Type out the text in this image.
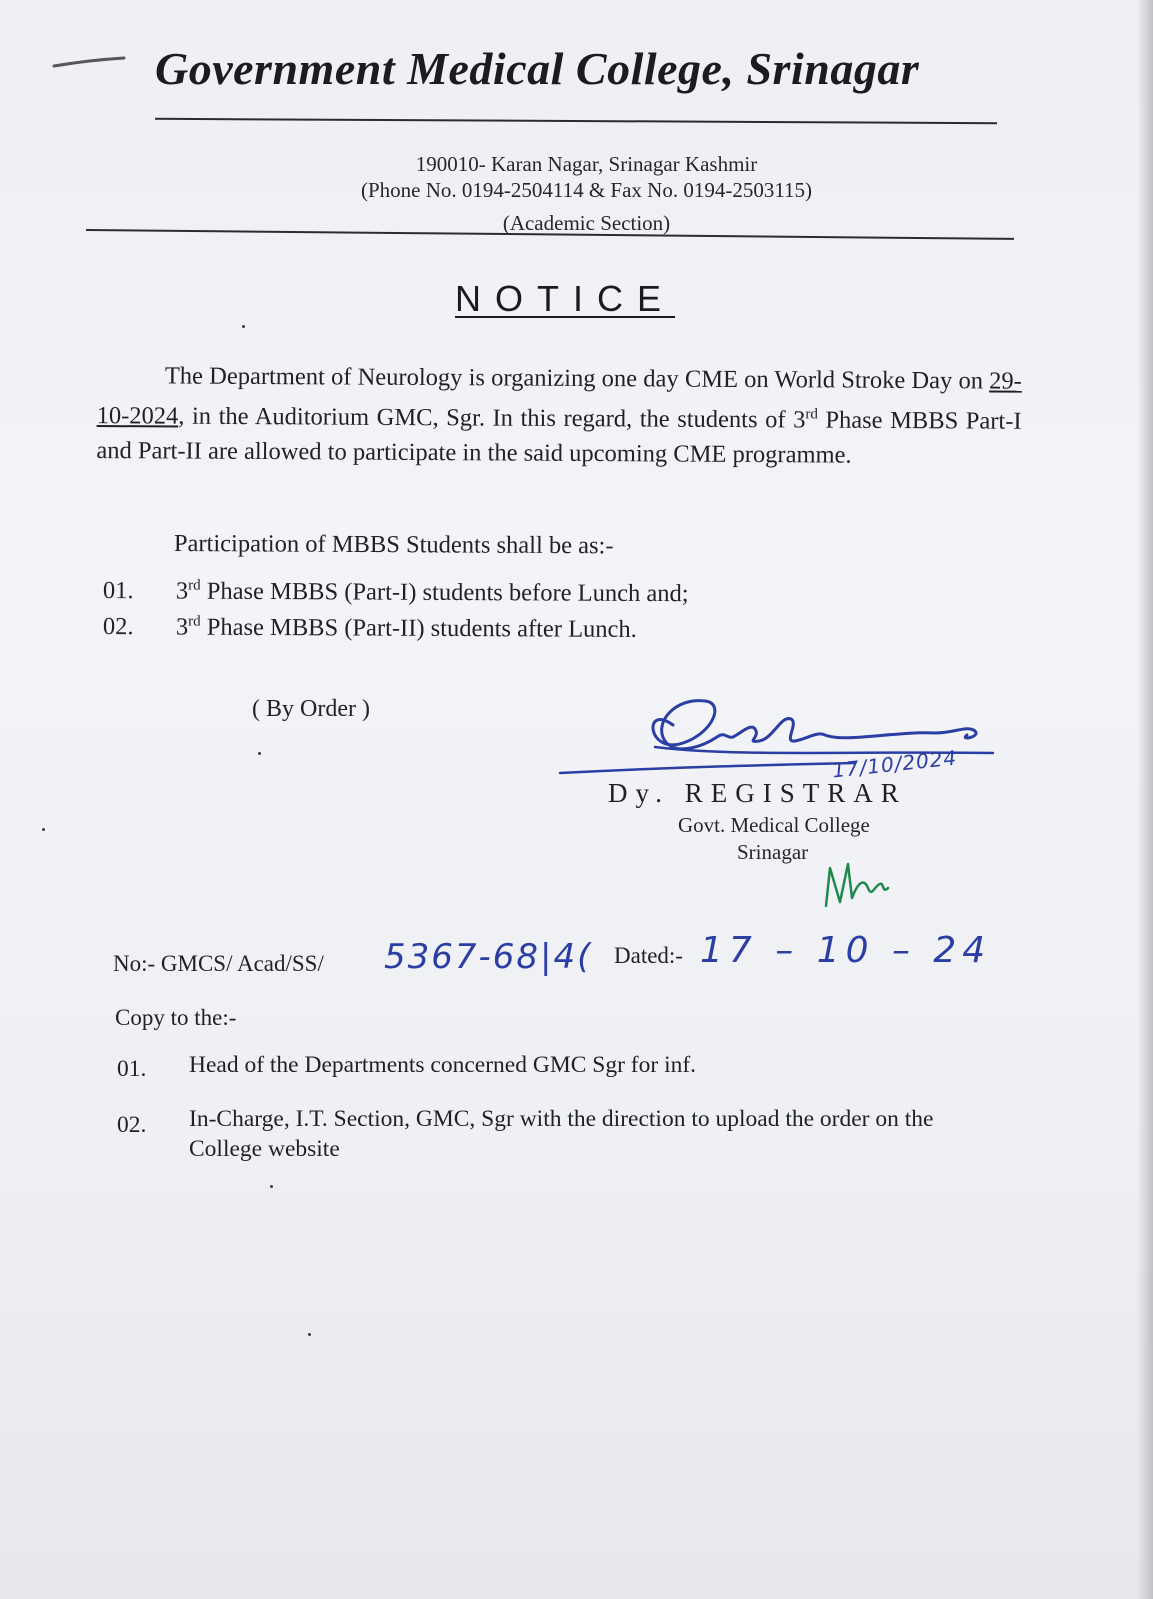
Government Medical College, Srinagar
190010- Karan Nagar, Srinagar Kashmir
(Phone No. 0194-2504114 & Fax No. 0194-2503115)
(Academic Section)
NOTICE
The Department of Neurology is organizing one day CME on World Stroke Day on 29-10-2024, in the Auditorium GMC, Sgr. In this regard, the students of 3rd Phase MBBS Part-I and Part-II are allowed to participate in the said upcoming CME programme.
Participation of MBBS Students shall be as:-
01. 3rd Phase MBBS (Part-I) students before Lunch and;
02. 3rd Phase MBBS (Part-II) students after Lunch.
( By Order )
17/10/2024
Dy. REGISTRAR
Govt. Medical College
Srinagar
No:- GMCS/ Acad/SS/ 5367-68|4( Dated:- 17 – 10 – 24
Copy to the:-
01. Head of the Departments concerned GMC Sgr for inf.
02. In-Charge, I.T. Section, GMC, Sgr with the direction to upload the order on the College website
